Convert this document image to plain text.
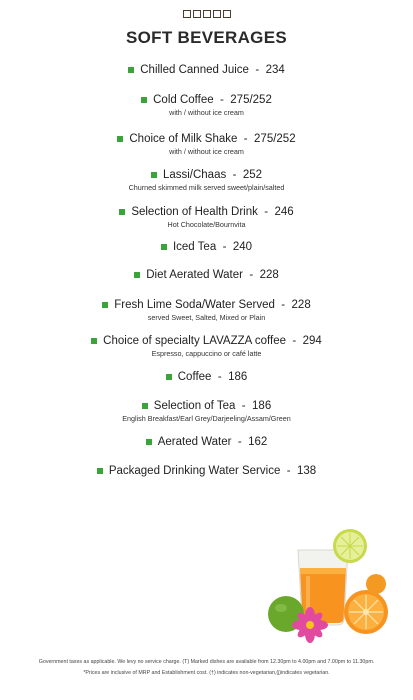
SOFT BEVERAGES
Chilled Canned Juice - 234
Cold Coffee - 275/252
with / without ice cream
Choice of Milk Shake - 275/252
with / without ice cream
Lassi/Chaas - 252
Churned skimmed milk served sweet/plain/salted
Selection of Health Drink - 246
Hot Chocolate/Bournvita
Iced Tea - 240
Diet Aerated Water - 228
Fresh Lime Soda/Water Served - 228
served Sweet, Salted, Mixed or Plain
Choice of specialty LAVAZZA coffee - 294
Espresso, cappuccino or café latte
Coffee - 186
Selection of Tea - 186
English Breakfast/Earl Grey/Darjeeling/Assam/Green
Aerated Water - 162
Packaged Drinking Water Service - 138
Government taxes as applicable. We levy no service charge. (T) Marked dishes are available from 12.30pm to 4.00pm and 7.00pm to 11.30pm.
*Prices are inclusive of MRP and Establishment cost. (†) indicates non-vegetarian,(j)indicates vegetarian.
